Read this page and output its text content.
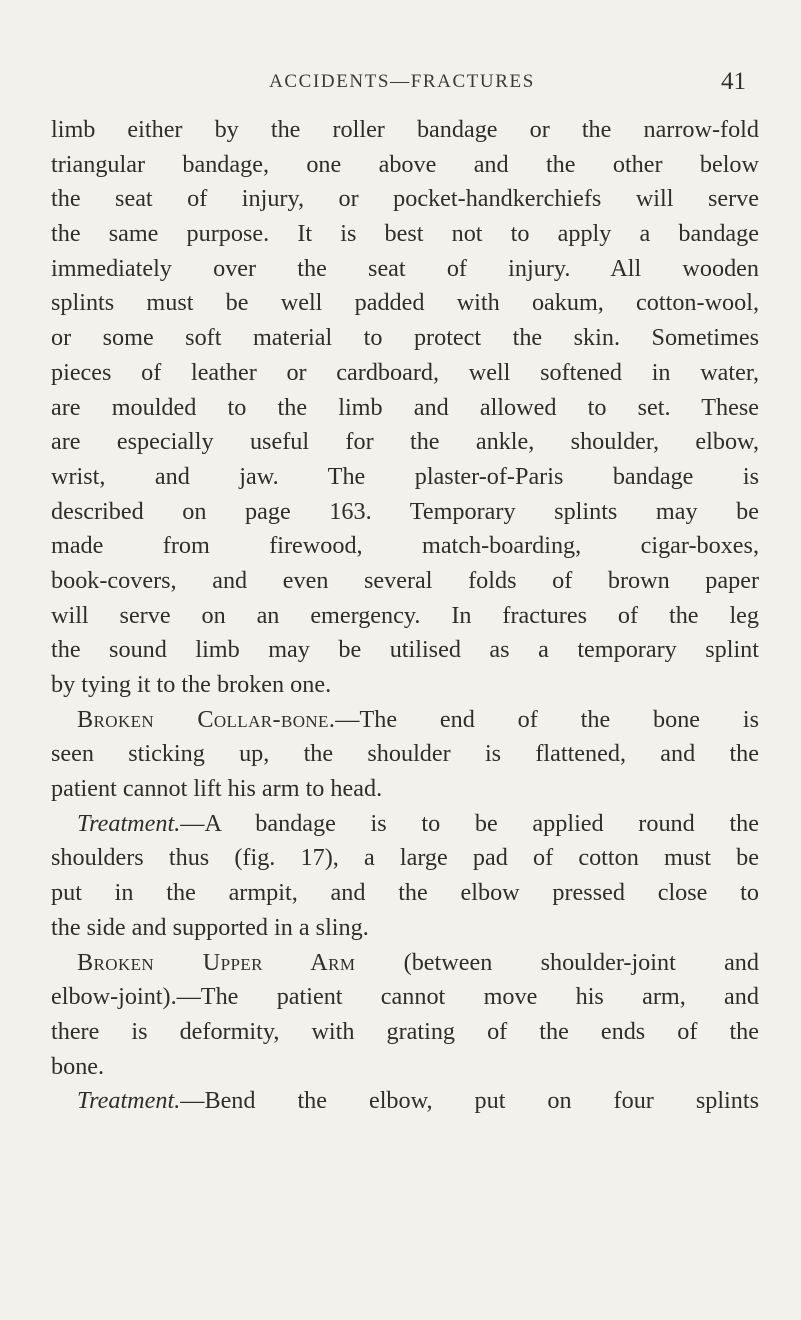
ACCIDENTS—FRACTURES	41
limb either by the roller bandage or the narrow-fold
triangular bandage, one above and the other below
the seat of injury, or pocket-handkerchiefs will serve
the same purpose. It is best not to apply a bandage
immediately over the seat of injury. All wooden
splints must be well padded with oakum, cotton-wool,
or some soft material to protect the skin. Sometimes
pieces of leather or cardboard, well softened in water,
are moulded to the limb and allowed to set. These
are especially useful for the ankle, shoulder, elbow,
wrist, and jaw. The plaster-of-Paris bandage is
described on page 163. Temporary splints may be
made from firewood, match-boarding, cigar-boxes,
book-covers, and even several folds of brown paper
will serve on an emergency. In fractures of the leg
the sound limb may be utilised as a temporary splint
by tying it to the broken one.
Broken Collar-bone.—The end of the bone is
seen sticking up, the shoulder is flattened, and the
patient cannot lift his arm to head.
Treatment.—A bandage is to be applied round the
shoulders thus (fig. 17), a large pad of cotton must be
put in the armpit, and the elbow pressed close to
the side and supported in a sling.
Broken Upper Arm (between shoulder-joint and
elbow-joint).—The patient cannot move his arm, and
there is deformity, with grating of the ends of the
bone.
Treatment.—Bend the elbow, put on four splints
